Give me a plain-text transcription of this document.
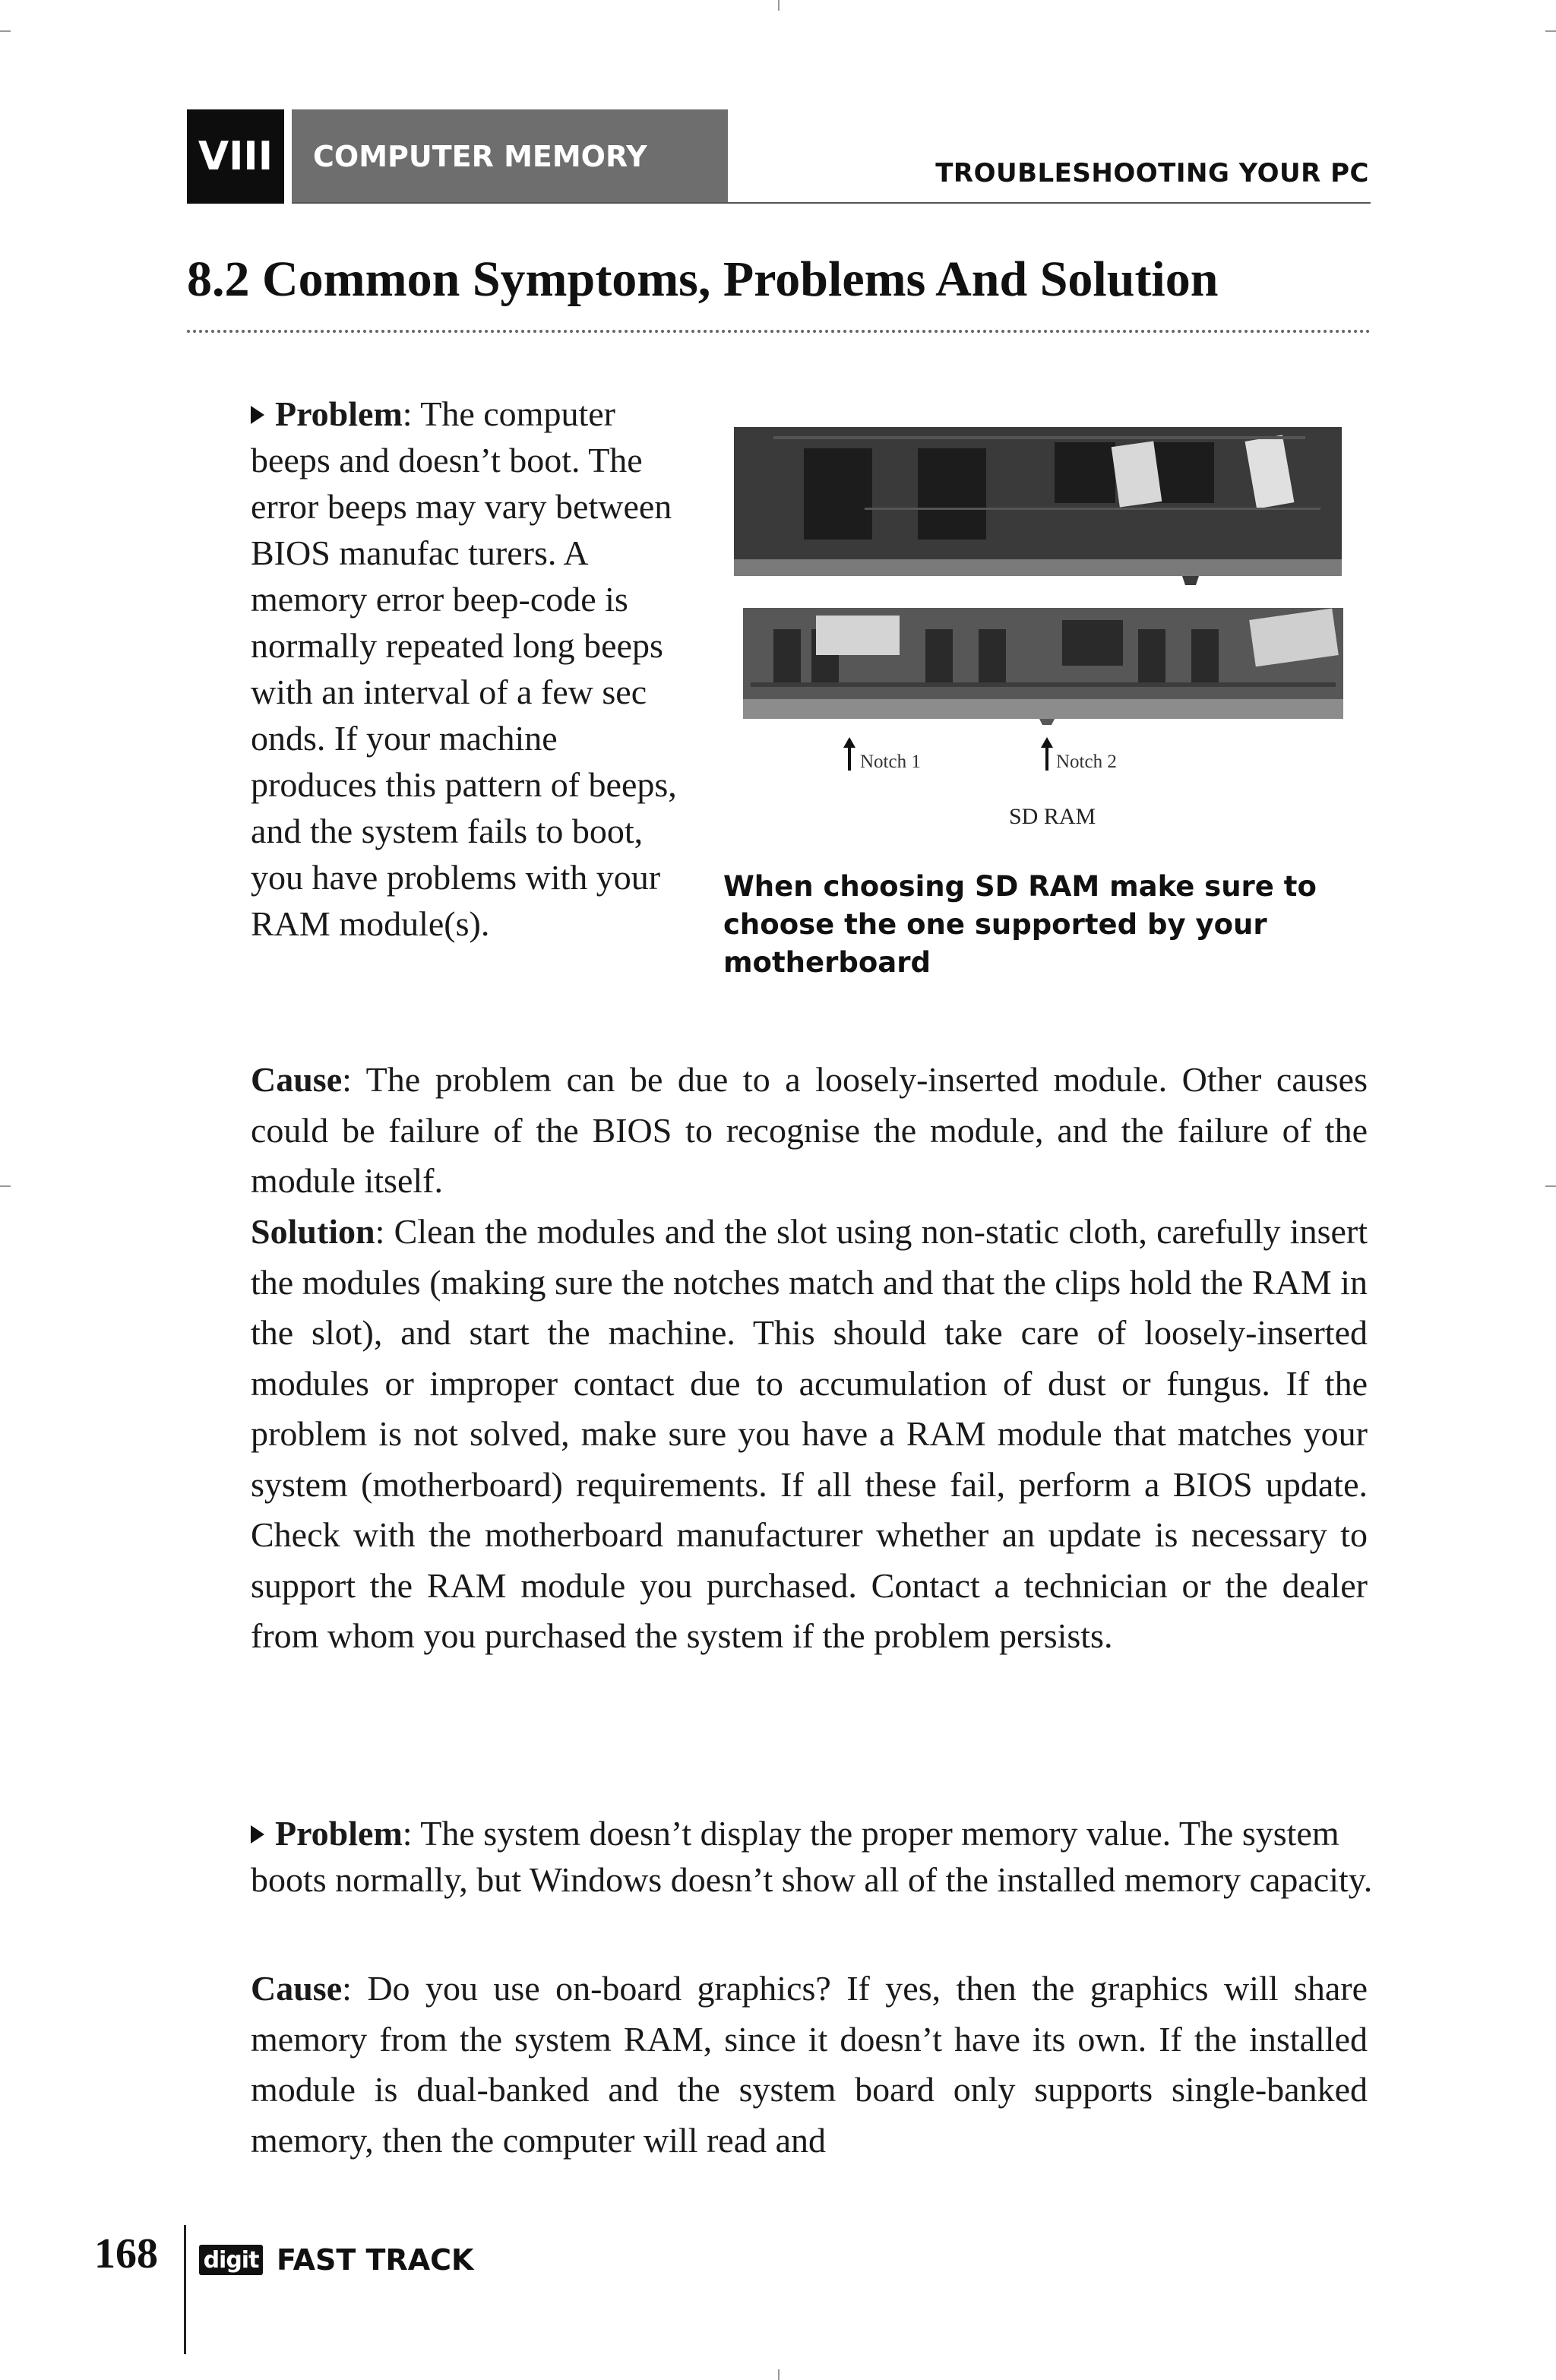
VIII	COMPUTER MEMORY	TROUBLESHOOTING YOUR PC
8.2 Common Symptoms, Problems And Solution
Problem: The computer beeps and doesn’t boot. The error beeps may vary between BIOS manufac turers. A memory error beep-code is normally repeated long beeps with an interval of a few sec onds. If your machine produces this pattern of beeps, and the system fails to boot, you have problems with your RAM module(s).
Notch 1	Notch 2
SD RAM
When choosing SD RAM make sure to choose the one supported by your motherboard
Cause: The problem can be due to a loosely-inserted module. Other causes could be failure of the BIOS to recognise the module, and the failure of the module itself.
Solution: Clean the modules and the slot using non-static cloth, carefully insert the modules (making sure the notches match and that the clips hold the RAM in the slot), and start the machine. This should take care of loosely-inserted modules or improper contact due to accumulation of dust or fungus. If the problem is not solved, make sure you have a RAM module that matches your system (motherboard) requirements. If all these fail, perform a BIOS update. Check with the motherboard manufacturer whether an update is necessary to support the RAM module you purchased. Contact a technician or the dealer from whom you purchased the system if the problem persists.
Problem: The system doesn’t display the proper memory value. The system boots normally, but Windows doesn’t show all of the installed memory capacity.
Cause: Do you use on-board graphics? If yes, then the graphics will share memory from the system RAM, since it doesn’t have its own. If the installed module is dual-banked and the system board only supports single-banked memory, then the computer will read and
168 digit FAST TRACK
